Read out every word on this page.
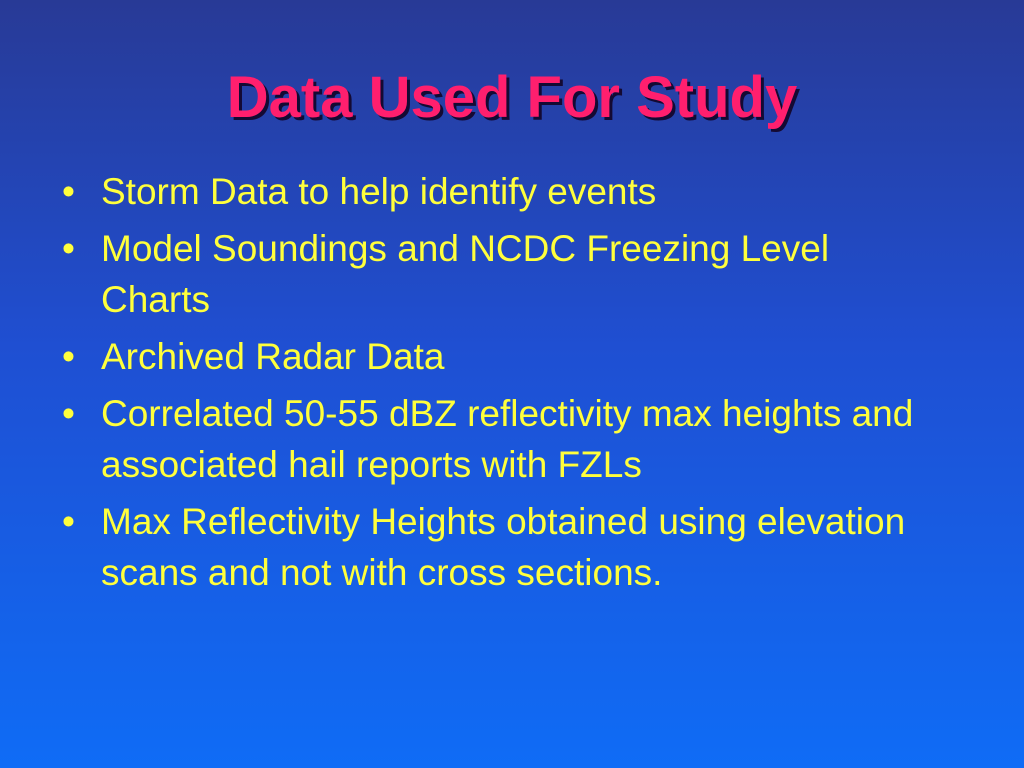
Data Used For Study
• Storm Data to help identify events
• Model Soundings and NCDC Freezing Level Charts
• Archived Radar Data
• Correlated 50-55 dBZ reflectivity max heights and associated hail reports with FZLs
• Max Reflectivity Heights obtained using elevation scans and not with cross sections.
